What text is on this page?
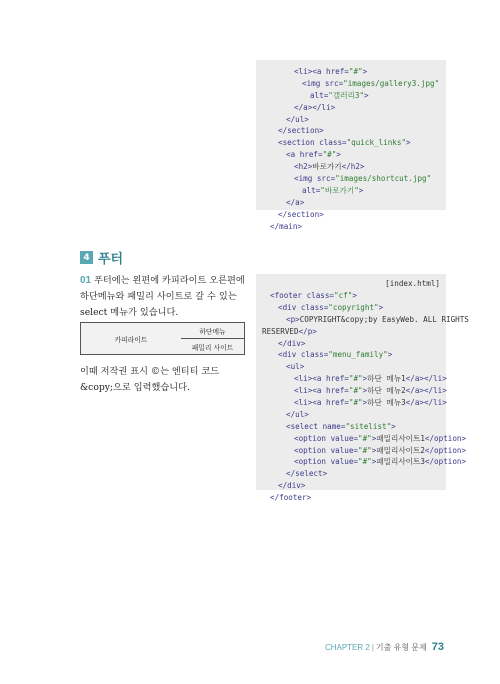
<li><a href="#">
<img src="images/gallery3.jpg"
alt="갤러리3">
</a></li>
</ul>
</section>
<section class="quick_links">
<a href="#">
<h2>바로가기</h2>
<img src="images/shortcut.jpg"
alt="바로가기">
</a>
</section>
</main>
4 푸터
01 푸터에는 왼편에 카피라이트 오른편에 하단메뉴와 패밀리 사이트로 갈 수 있는 select 메뉴가 있습니다.
카피라이트
하단메뉴
패밀리 사이트
이때 저작권 표시 ©는 엔티티 코드 &copy;으로 입력했습니다.
[index.html]
<footer class="cf">
<div class="copyright">
<p>COPYRIGHT&copy;by EasyWeb. ALL RIGHTS
RESERVED</p>
</div>
<div class="menu_family">
<ul>
<li><a href="#">하단 메뉴1</a></li>
<li><a href="#">하단 메뉴2</a></li>
<li><a href="#">하단 메뉴3</a></li>
</ul>
<select name="sitelist">
<option value="#">패밀리사이트1</option>
<option value="#">패밀리사이트2</option>
<option value="#">패밀리사이트3</option>
</select>
</div>
</footer>
CHAPTER 2 | 기출 유형 문제 73
